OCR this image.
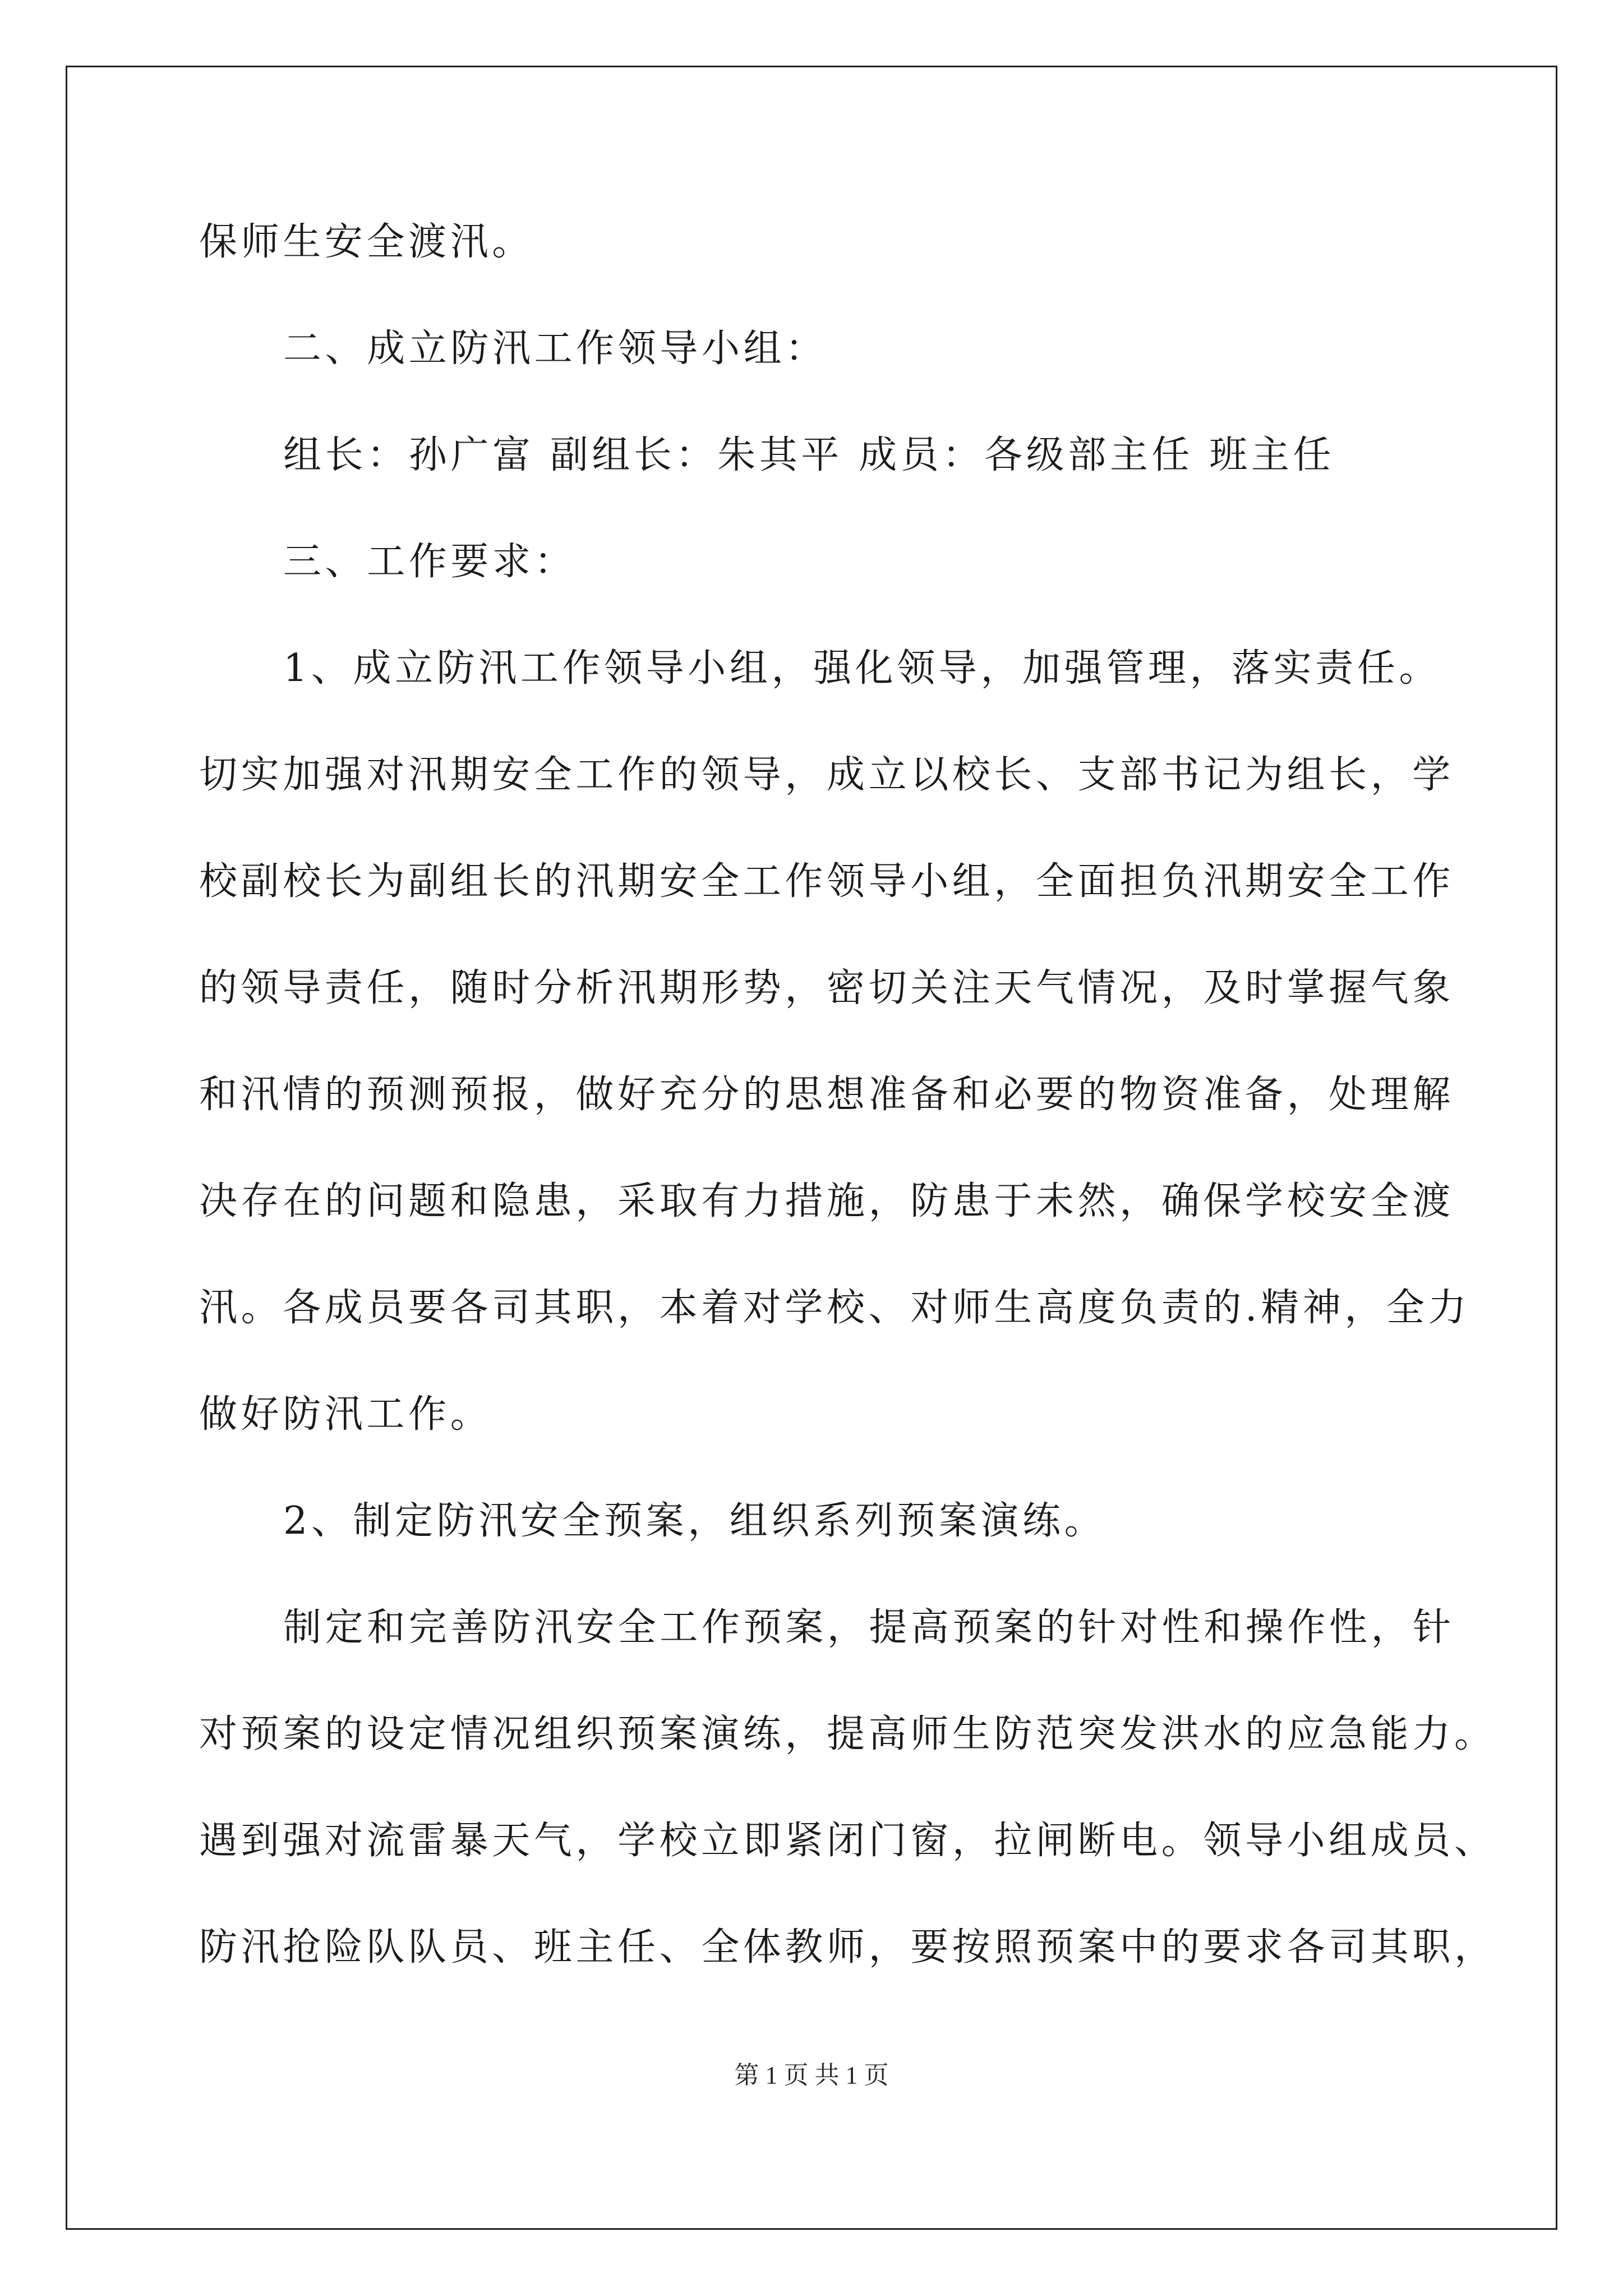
保师生安全渡汛。
二、成立防汛工作领导小组：
组长：孙广富 副组长：朱其平 成员：各级部主任 班主任
三、工作要求：
1、成立防汛工作领导小组，强化领导，加强管理，落实责任。
切实加强对汛期安全工作的领导，成立以校长、支部书记为组长，学
校副校长为副组长的汛期安全工作领导小组，全面担负汛期安全工作
的领导责任，随时分析汛期形势，密切关注天气情况，及时掌握气象
和汛情的预测预报，做好充分的思想准备和必要的物资准备，处理解
决存在的问题和隐患，采取有力措施，防患于未然，确保学校安全渡
汛。各成员要各司其职，本着对学校、对师生高度负责的.精神，全力
做好防汛工作。
2、制定防汛安全预案，组织系列预案演练。
制定和完善防汛安全工作预案，提高预案的针对性和操作性，针
对预案的设定情况组织预案演练，提高师生防范突发洪水的应急能力。
遇到强对流雷暴天气，学校立即紧闭门窗，拉闸断电。领导小组成员、
防汛抢险队队员、班主任、全体教师，要按照预案中的要求各司其职，
第 1 页 共 1 页
